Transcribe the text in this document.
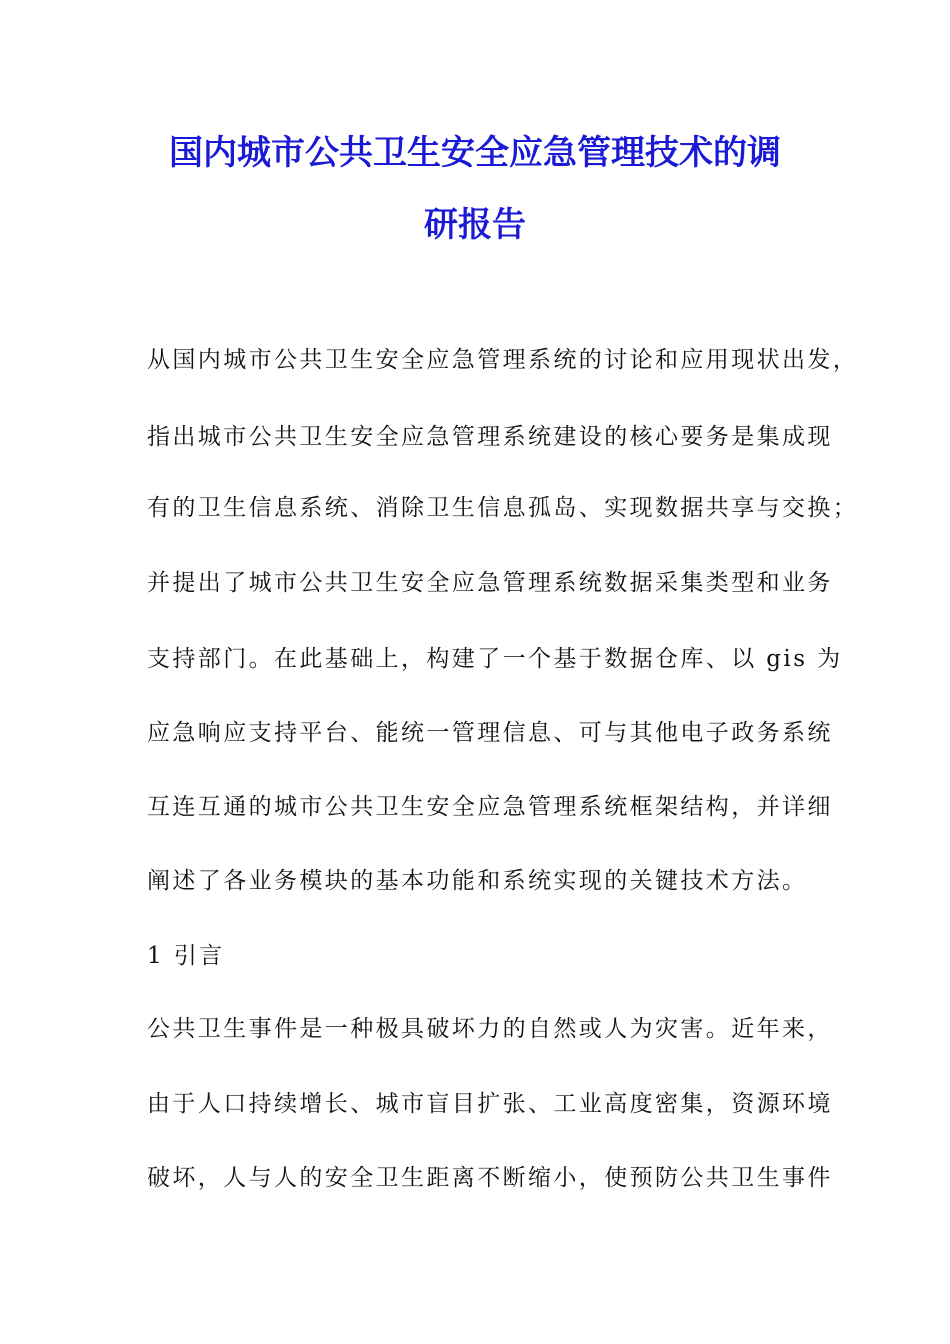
国内城市公共卫生安全应急管理技术的调
研报告
从国内城市公共卫生安全应急管理系统的讨论和应用现状出发，
指出城市公共卫生安全应急管理系统建设的核心要务是集成现
有的卫生信息系统、消除卫生信息孤岛、实现数据共享与交换；
并提出了城市公共卫生安全应急管理系统数据采集类型和业务
支持部门。在此基础上，构建了一个基于数据仓库、以 gis 为
应急响应支持平台、能统一管理信息、可与其他电子政务系统
互连互通的城市公共卫生安全应急管理系统框架结构，并详细
阐述了各业务模块的基本功能和系统实现的关键技术方法。
1 引言
公共卫生事件是一种极具破坏力的自然或人为灾害。近年来，
由于人口持续增长、城市盲目扩张、工业高度密集，资源环境
破坏，人与人的安全卫生距离不断缩小，使预防公共卫生事件
